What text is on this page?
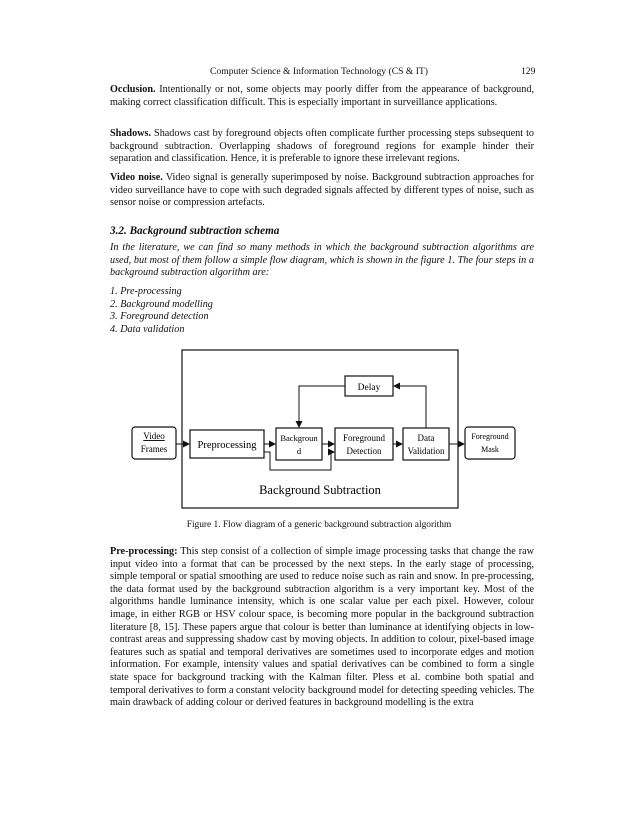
Computer Science & Information Technology (CS & IT)	129

Occlusion. Intentionally or not, some objects may poorly differ from the appearance of background, making correct classification difficult. This is especially important in surveillance applications.

Shadows. Shadows cast by foreground objects often complicate further processing steps subsequent to background subtraction. Overlapping shadows of foreground regions for example hinder their separation and classification. Hence, it is preferable to ignore these irrelevant regions.

Video noise. Video signal is generally superimposed by noise. Background subtraction approaches for video surveillance have to cope with such degraded signals affected by different types of noise, such as sensor noise or compression artefacts.

3.2. Background subtraction schema

In the literature, we can find so many methods in which the background subtraction algorithms are used, but most of them follow a simple flow diagram, which is shown in the figure 1. The four steps in a background subtraction algorithm are:

1. Pre-processing
2. Background modelling
3. Foreground detection
4. Data validation
Video
Frames	Preprocessing
Backgroun
d
Foreground
Detection
Data
Validation
Foreground
Mask
Delay
Background Subtraction
Figure 1. Flow diagram of a generic background subtraction algorithm

Pre-processing: This step consist of a collection of simple image processing tasks that change the raw input video into a format that can be processed by the next steps. In the early stage of processing, simple temporal or spatial smoothing are used to reduce noise such as rain and snow. In pre-processing, the data format used by the background subtraction algorithm is a very important key. Most of the algorithms handle luminance intensity, which is one scalar value per each pixel. However, colour image, in either RGB or HSV colour space, is becoming more popular in the background subtraction literature [8, 15]. These papers argue that colour is better than luminance at identifying objects in low-contrast areas and suppressing shadow cast by moving objects. In addition to colour, pixel-based image features such as spatial and temporal derivatives are sometimes used to incorporate edges and motion information. For example, intensity values and spatial derivatives can be combined to form a single state space for background tracking with the Kalman filter. Pless et al. combine both spatial and temporal derivatives to form a constant velocity background model for detecting speeding vehicles. The main drawback of adding colour or derived features in background modelling is the extra
